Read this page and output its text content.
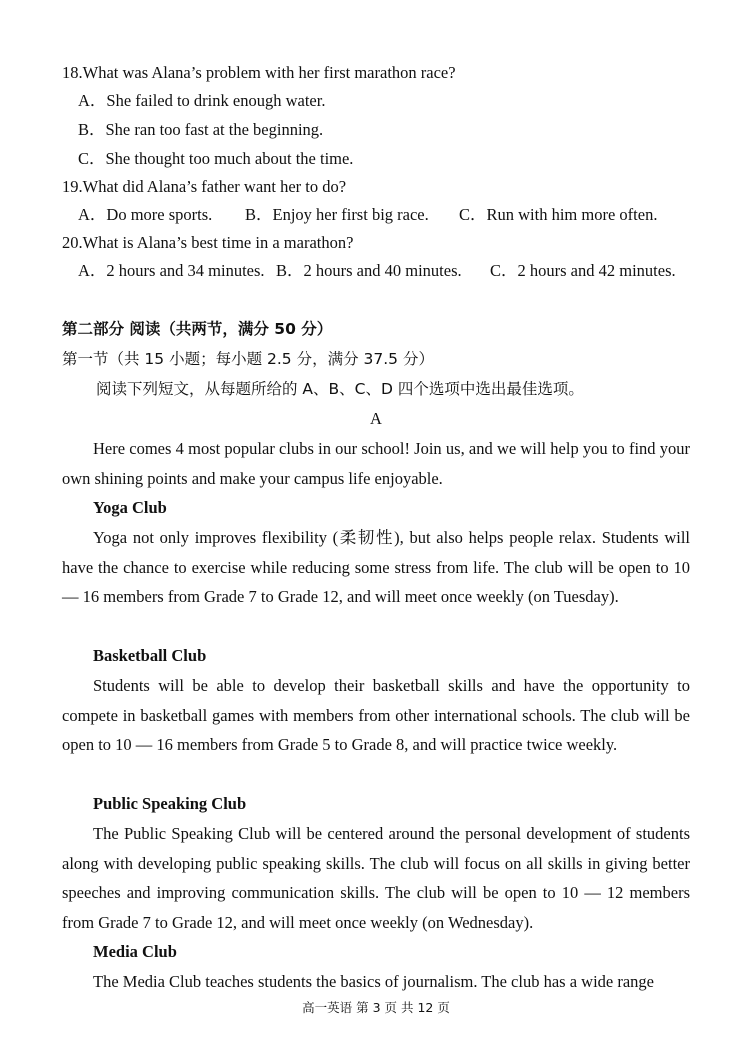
18.What was Alana’s problem with her first marathon race?
A．She failed to drink enough water.
B．She ran too fast at the beginning.
C．She thought too much about the time.
19.What did Alana’s father want her to do?
A．Do more sports. B．Enjoy her first big race. C．Run with him more often.
20.What is Alana’s best time in a marathon?
A．2 hours and 34 minutes. B．2 hours and 40 minutes. C．2 hours and 42 minutes.
第二部分 阅读（共两节，满分 50 分）
第一节（共 15 小题；每小题 2.5 分，满分 37.5 分）
阅读下列短文，从每题所给的 A、B、C、D 四个选项中选出最佳选项。
A
Here comes 4 most popular clubs in our school! Join us, and we will help you to find your own shining points and make your campus life enjoyable.
Yoga Club
Yoga not only improves flexibility (柔韧性), but also helps people relax. Students will have the chance to exercise while reducing some stress from life. The club will be open to 10 — 16 members from Grade 7 to Grade 12, and will meet once weekly (on Tuesday).
Basketball Club
Students will be able to develop their basketball skills and have the opportunity to compete in basketball games with members from other international schools. The club will be open to 10 — 16 members from Grade 5 to Grade 8, and will practice twice weekly.
Public Speaking Club
The Public Speaking Club will be centered around the personal development of students along with developing public speaking skills. The club will focus on all skills in giving better speeches and improving communication skills. The club will be open to 10 — 12 members from Grade 7 to Grade 12, and will meet once weekly (on Wednesday).
Media Club
The Media Club teaches students the basics of journalism. The club has a wide range
高一英语 第 3 页 共 12 页
